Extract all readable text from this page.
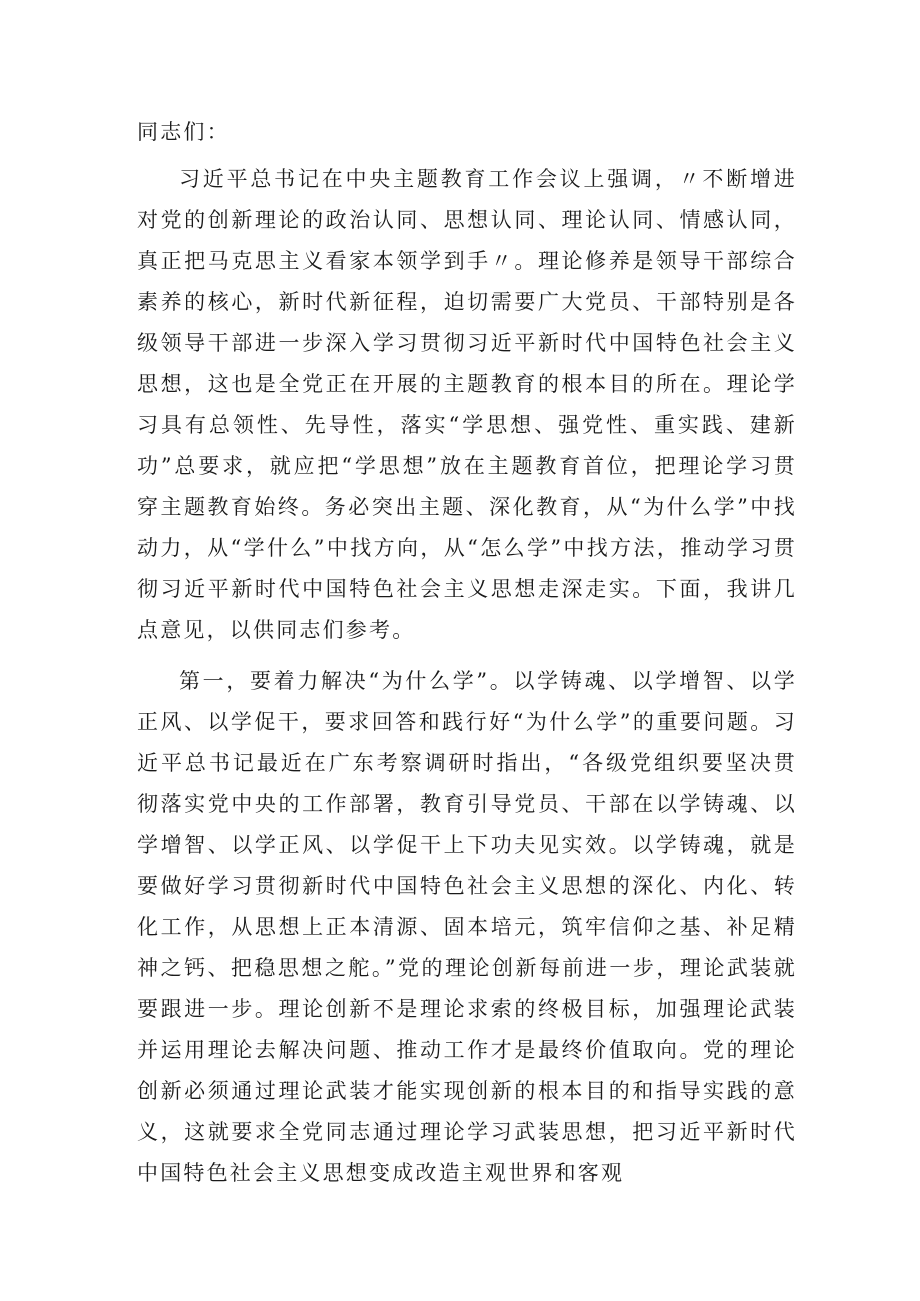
同志们：

习近平总书记在中央主题教育工作会议上强调，〃不断增进对党的创新理论的政治认同、思想认同、理论认同、情感认同，真正把马克思主义看家本领学到手〃。理论修养是领导干部综合素养的核心，新时代新征程，迫切需要广大党员、干部特别是各级领导干部进一步深入学习贯彻习近平新时代中国特色社会主义思想，这也是全党正在开展的主题教育的根本目的所在。理论学习具有总领性、先导性，落实“学思想、强党性、重实践、建新功”总要求，就应把“学思想”放在主题教育首位，把理论学习贯穿主题教育始终。务必突出主题、深化教育，从“为什么学”中找动力，从“学什么”中找方向，从“怎么学”中找方法，推动学习贯彻习近平新时代中国特色社会主义思想走深走实。下面，我讲几点意见，以供同志们参考。

第一，要着力解决“为什么学”。以学铸魂、以学增智、以学正风、以学促干，要求回答和践行好“为什么学”的重要问题。习近平总书记最近在广东考察调研时指出，“各级党组织要坚决贯彻落实党中央的工作部署，教育引导党员、干部在以学铸魂、以学增智、以学正风、以学促干上下功夫见实效。以学铸魂，就是要做好学习贯彻新时代中国特色社会主义思想的深化、内化、转化工作，从思想上正本清源、固本培元，筑牢信仰之基、补足精神之钙、把稳思想之舵。”党的理论创新每前进一步，理论武装就要跟进一步。理论创新不是理论求索的终极目标，加强理论武装并运用理论去解决问题、推动工作才是最终价值取向。党的理论创新必须通过理论武装才能实现创新的根本目的和指导实践的意义，这就要求全党同志通过理论学习武装思想，把习近平新时代中国特色社会主义思想变成改造主观世界和客观
